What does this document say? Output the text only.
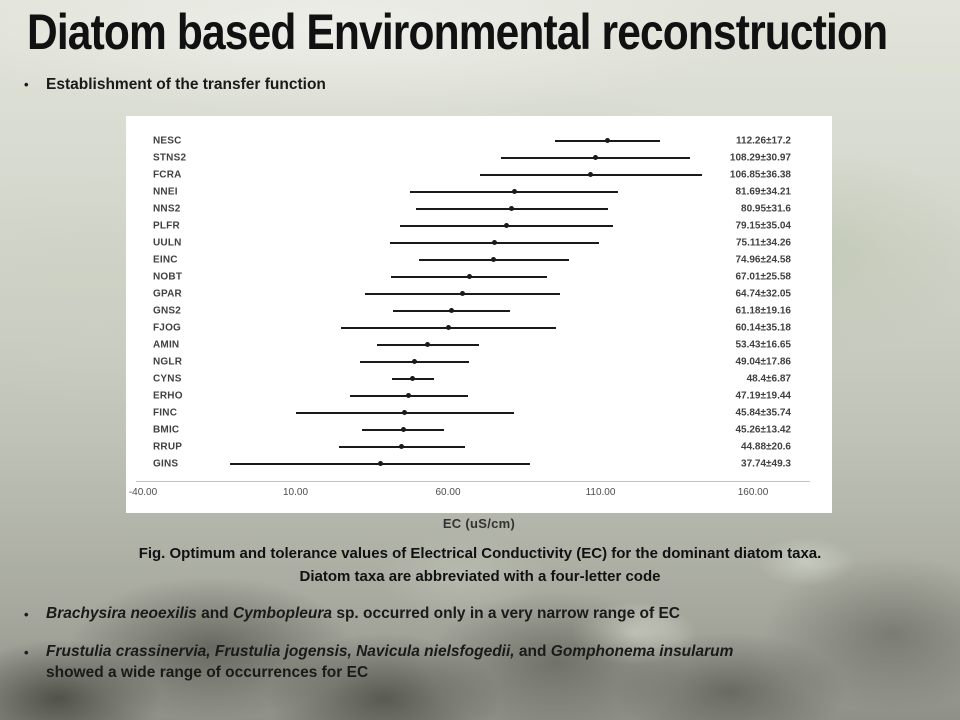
Diatom based Environmental reconstruction
• Establishment of the transfer function
NESC	112.26±17.2
STNS2	108.29±30.97
FCRA	106.85±36.38
NNEI	81.69±34.21
NNS2	80.95±31.6
PLFR	79.15±35.04
UULN	75.11±34.26
EINC	74.96±24.58
NOBT	67.01±25.58
GPAR	64.74±32.05
GNS2	61.18±19.16
FJOG	60.14±35.18
AMIN	53.43±16.65
NGLR	49.04±17.86
CYNS	48.4±6.87
ERHO	47.19±19.44
FINC	45.84±35.74
BMIC	45.26±13.42
RRUP	44.88±20.6
GINS	37.74±49.3
-40.00	10.00	60.00	110.00	160.00
EC (uS/cm)
Fig. Optimum and tolerance values of Electrical Conductivity (EC) for the dominant diatom taxa.
Diatom taxa are abbreviated with a four-letter code
• Brachysira neoexilis and Cymbopleura sp. occurred only in a very narrow range of EC
• Frustulia crassinervia, Frustulia jogensis, Navicula nielsfogedii, and Gomphonema insularum
showed a wide range of occurrences for EC
